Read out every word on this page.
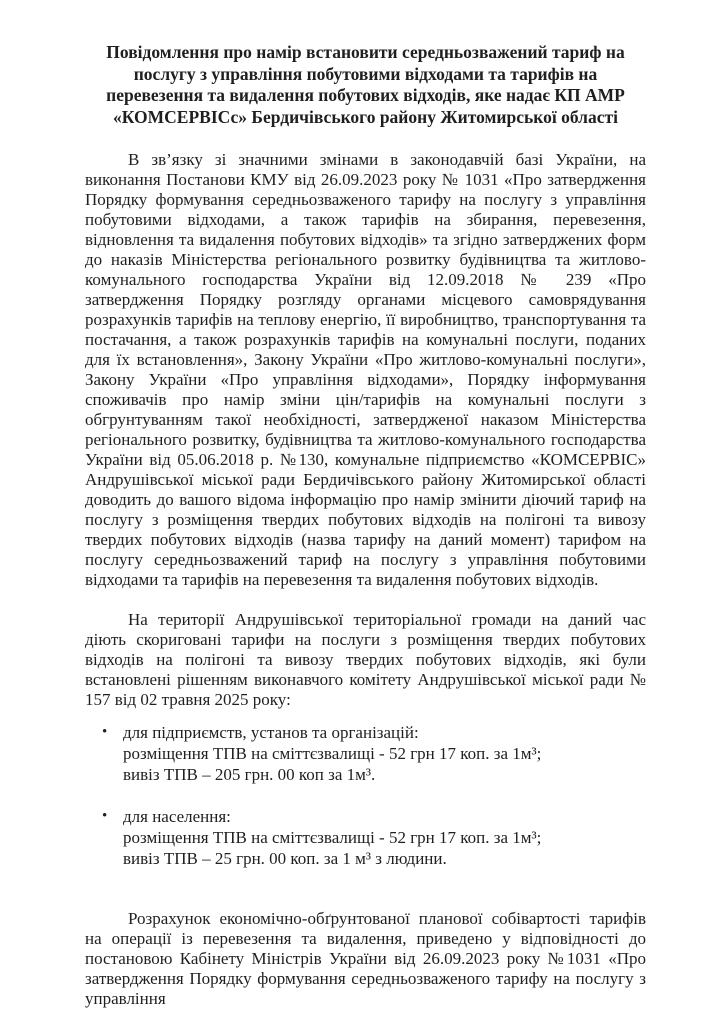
Повідомлення про намір встановити середньозважений тариф на послугу з управління побутовими відходами та тарифів на перевезення та видалення побутових відходів, яке надає КП АМР «КОМСЕРВІСс» Бердичівського району Житомирської області

В зв’язку зі значними змінами в законодавчій базі України, на виконання Постанови КМУ від 26.09.2023 року № 1031 «Про затвердження Порядку формування середньозваженого тарифу на послугу з управління побутовими відходами, а також тарифів на збирання, перевезення, відновлення та видалення побутових відходів» та згідно затверджених форм до наказів Міністерства регіонального розвитку будівництва та житлово-комунального господарства України від 12.09.2018 № 239 «Про затвердження Порядку розгляду органами місцевого самоврядування розрахунків тарифів на теплову енергію, її виробництво, транспортування та постачання, а також розрахунків тарифів на комунальні послуги, поданих для їх встановлення», Закону України «Про житлово-комунальні послуги», Закону України «Про управління відходами», Порядку інформування споживачів про намір зміни цін/тарифів на комунальні послуги з обгрунтуванням такої необхідності, затвердженої наказом Міністерства регіонального розвитку, будівництва та житлово-комунального господарства України від 05.06.2018 р. №130, комунальне підприємство «КОМСЕРВІС» Андрушівської міської ради Бердичівського району Житомирської області доводить до вашого відома інформацію про намір змінити діючий тариф на послугу з розміщення твердих побутових відходів на полігоні та вивозу твердих побутових відходів (назва тарифу на даний момент) тарифом на послугу середньозважений тариф на послугу з управління побутовими відходами та тарифів на перевезення та видалення побутових відходів.

На території Андрушівської територіальної громади на даний час діють скориговані тарифи на послуги з розміщення твердих побутових відходів на полігоні та вивозу твердих побутових відходів, які були встановлені рішенням виконавчого комітету Андрушівської міської ради № 157 від 02 травня 2025 року:

• для підприємств, установ та організацій:
розміщення ТПВ на сміттєзвалищі - 52 грн 17 коп. за 1м³;
вивіз ТПВ – 205 грн. 00 коп за 1м³.
• для населення:
розміщення ТПВ на сміттєзвалищі - 52 грн 17 коп. за 1м³;
вивіз ТПВ – 25 грн. 00 коп. за 1 м³ з людини.

Розрахунок економічно-обґрунтованої планової собівартості тарифів на операції із перевезення та видалення, приведено у відповідності до постановою Кабінету Міністрів України від 26.09.2023 року №1031 «Про затвердження Порядку формування середньозваженого тарифу на послугу з управління
